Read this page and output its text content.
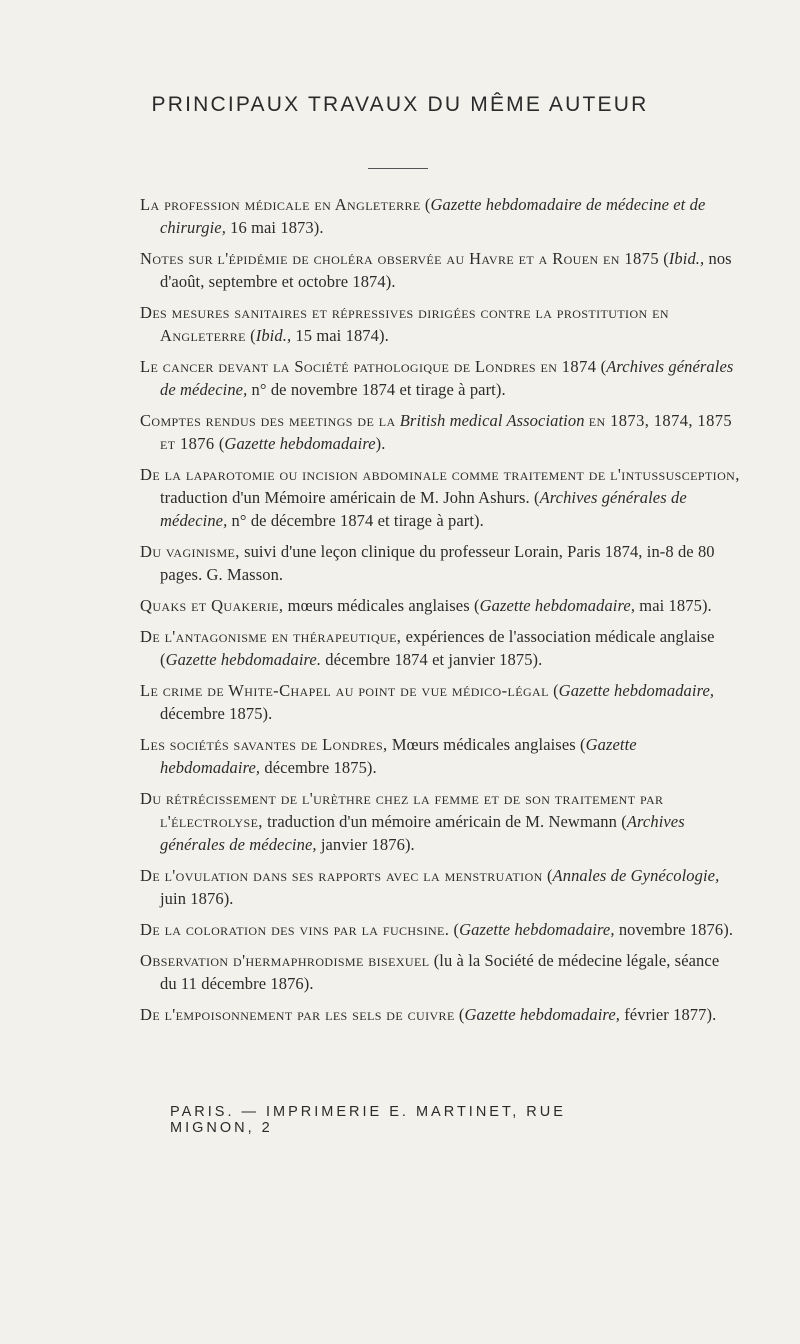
PRINCIPAUX TRAVAUX DU MÊME AUTEUR

La profession médicale en Angleterre (Gazette hebdomadaire de médecine et de chirurgie, 16 mai 1873).

Notes sur l'épidémie de choléra observée au Havre et a Rouen en 1875 (Ibid., nos d'août, septembre et octobre 1874).

Des mesures sanitaires et répressives dirigées contre la prostitution en Angleterre (Ibid., 15 mai 1874).

Le cancer devant la Société pathologique de Londres en 1874 (Archives générales de médecine, n° de novembre 1874 et tirage à part).

Comptes rendus des meetings de la British medical Association en 1873, 1874, 1875 et 1876 (Gazette hebdomadaire).

De la laparotomie ou incision abdominale comme traitement de l'intussusception, traduction d'un Mémoire américain de M. John Ashurs. (Archives générales de médecine, n° de décembre 1874 et tirage à part).

Du vaginisme, suivi d'une leçon clinique du professeur Lorain, Paris 1874, in-8 de 80 pages. G. Masson.

Quaks et Quakerie, mœurs médicales anglaises (Gazette hebdomadaire, mai 1875).

De l'antagonisme en thérapeutique, expériences de l'association médicale anglaise (Gazette hebdomadaire. décembre 1874 et janvier 1875).

Le crime de White-Chapel au point de vue médico-légal (Gazette hebdomadaire, décembre 1875).

Les sociétés savantes de Londres, Mœurs médicales anglaises (Gazette hebdomadaire, décembre 1875).

Du rétrécissement de l'urèthre chez la femme et de son traitement par l'électrolyse, traduction d'un mémoire américain de M. Newmann (Archives générales de médecine, janvier 1876).

De l'ovulation dans ses rapports avec la menstruation (Annales de Gynécologie, juin 1876).

De la coloration des vins par la fuchsine. (Gazette hebdomadaire, novembre 1876).

Observation d'hermaphrodisme bisexuel (lu à la Société de médecine légale, séance du 11 décembre 1876).

De l'empoisonnement par les sels de cuivre (Gazette hebdomadaire, février 1877).

PARIS. — IMPRIMERIE E. MARTINET, RUE MIGNON, 2
